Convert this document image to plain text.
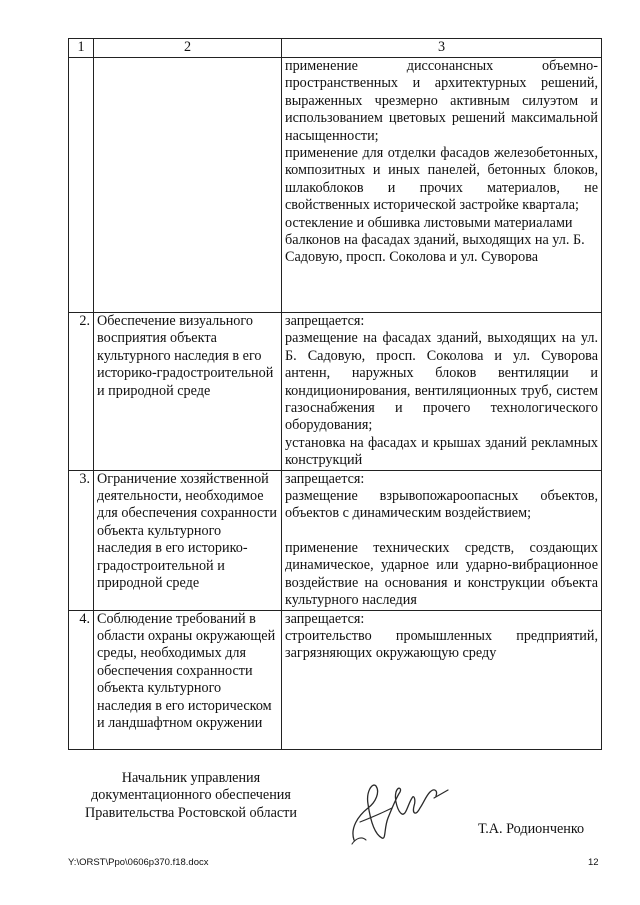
1	2	3

		применение диссонансных объемно-пространственных и архитектурных решений, выраженных чрезмерно активным силуэтом и использованием цветовых решений максимальной насыщенности;

применение для отделки фасадов железобетонных, композитных и иных панелей, бетонных блоков, шлакоблоков и прочих материалов, не свойственных исторической застройке квартала;

остекление и обшивка листовыми материалами балконов на фасадах зданий, выходящих на ул. Б. Садовую, просп. Соколова и ул. Суворова

2.	Обеспечение визуального восприятия объекта культурного наследия в его историко-градостроительной и природной среде	запрещается:

размещение на фасадах зданий, выходящих на ул. Б. Садовую, просп. Соколова и ул. Суворова антенн, наружных блоков вентиляции и кондиционирования, вентиляционных труб, систем газоснабжения и прочего технологического оборудования;

установка на фасадах и крышах зданий рекламных конструкций

3.	Ограничение хозяйственной деятельности, необходимое для обеспечения сохранности объекта культурного наследия в его историко-градостроительной и природной среде	запрещается:

размещение взрывопожароопасных объектов, объектов с динамическим воздействием;

применение технических средств, создающих динамическое, ударное или ударно-вибрационное воздействие на основания и конструкции объекта культурного наследия

4.	Соблюдение требований в области охраны окружающей среды, необходимых для обеспечения сохранности объекта культурного наследия в его историческом и ландшафтном окружении	запрещается:

строительство промышленных предприятий, загрязняющих окружающую среду

Начальник управления
документационного обеспечения
Правительства Ростовской области
Т.А. Родионченко
Y:\ORST\Ppo\0606p370.f18.docx	12
